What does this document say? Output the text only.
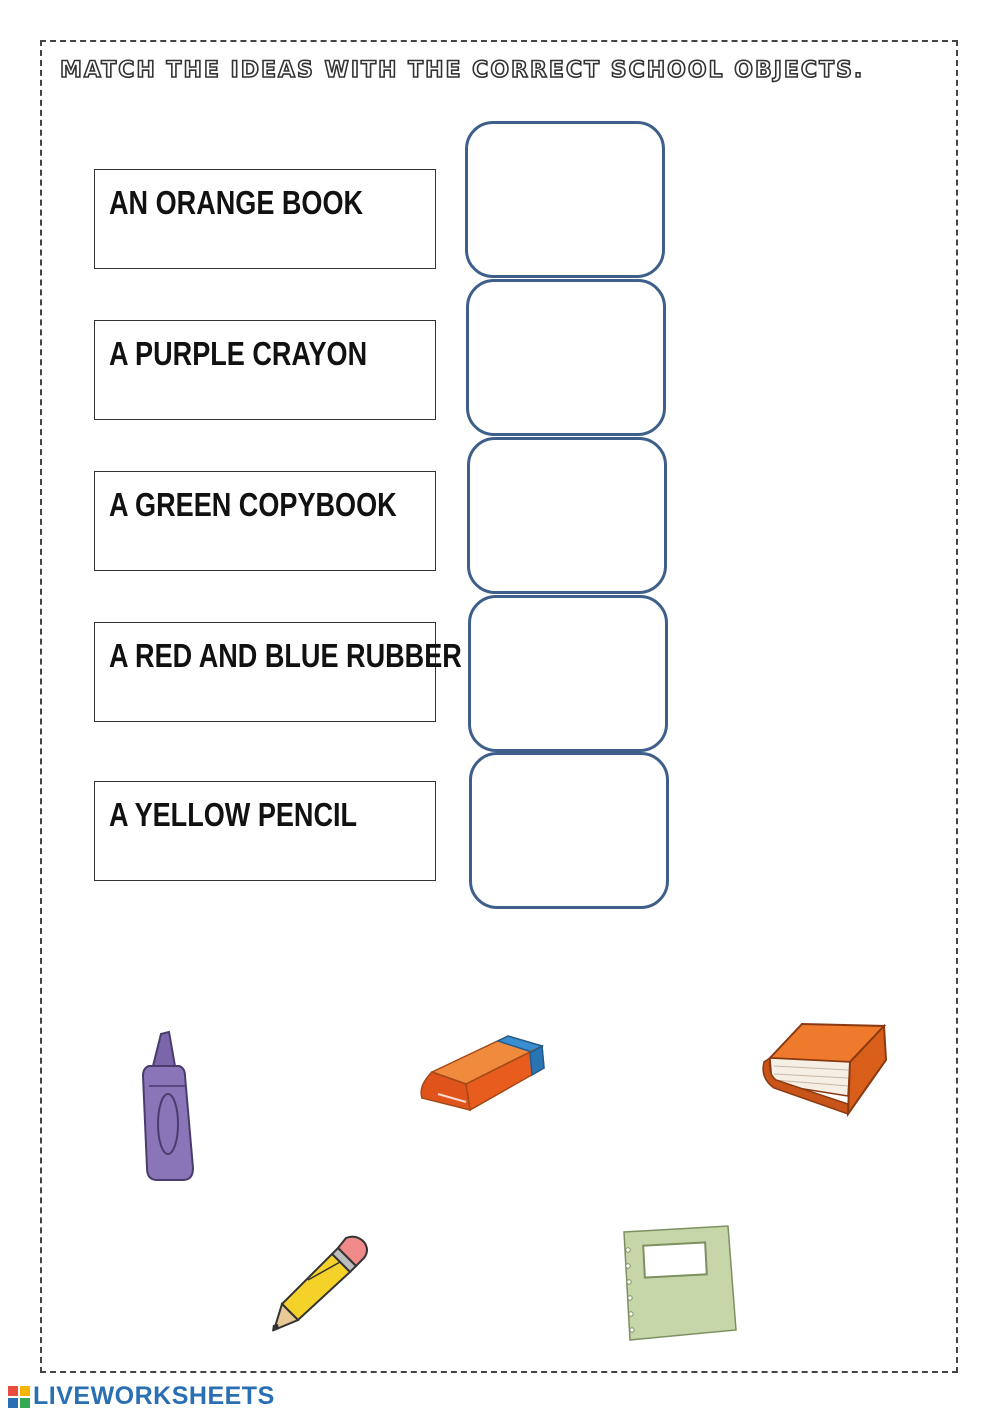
MATCH THE IDEAS WITH THE CORRECT SCHOOL OBJECTS.
AN ORANGE BOOK
A PURPLE CRAYON
A GREEN COPYBOOK
A RED AND BLUE RUBBER
A YELLOW PENCIL
LIVEWORKSHEETS
